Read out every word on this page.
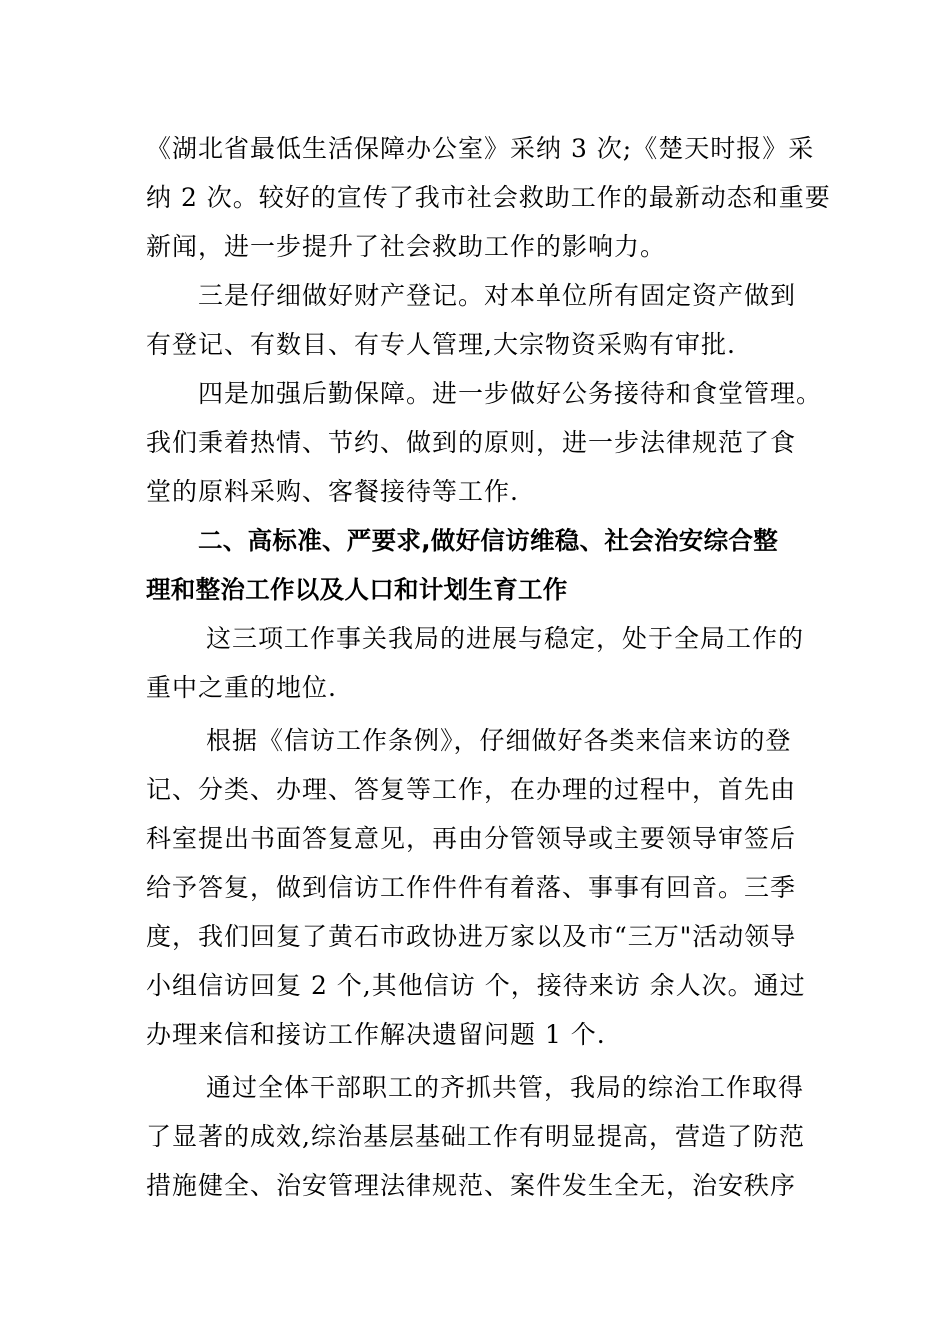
《湖北省最低生活保障办公室》采纳 3 次;《楚天时报》采
纳 2 次。较好的宣传了我市社会救助工作的最新动态和重要
新闻，进一步提升了社会救助工作的影响力。
三是仔细做好财产登记。对本单位所有固定资产做到
有登记、有数目、有专人管理,大宗物资采购有审批.
四是加强后勤保障。进一步做好公务接待和食堂管理。
我们秉着热情、节约、做到的原则，进一步法律规范了食
堂的原料采购、客餐接待等工作.
二、高标准、严要求,做好信访维稳、社会治安综合整
理和整治工作以及人口和计划生育工作
这三项工作事关我局的进展与稳定，处于全局工作的
重中之重的地位.
根据《信访工作条例》，仔细做好各类来信来访的登
记、分类、办理、答复等工作，在办理的过程中，首先由
科室提出书面答复意见，再由分管领导或主要领导审签后
给予答复，做到信访工作件件有着落、事事有回音。三季
度，我们回复了黄石市政协进万家以及市“三万"活动领导
小组信访回复 2 个,其他信访 个，接待来访 余人次。通过
办理来信和接访工作解决遗留问题 1 个.
通过全体干部职工的齐抓共管，我局的综治工作取得
了显著的成效,综治基层基础工作有明显提高，营造了防范
措施健全、治安管理法律规范、案件发生全无，治安秩序
